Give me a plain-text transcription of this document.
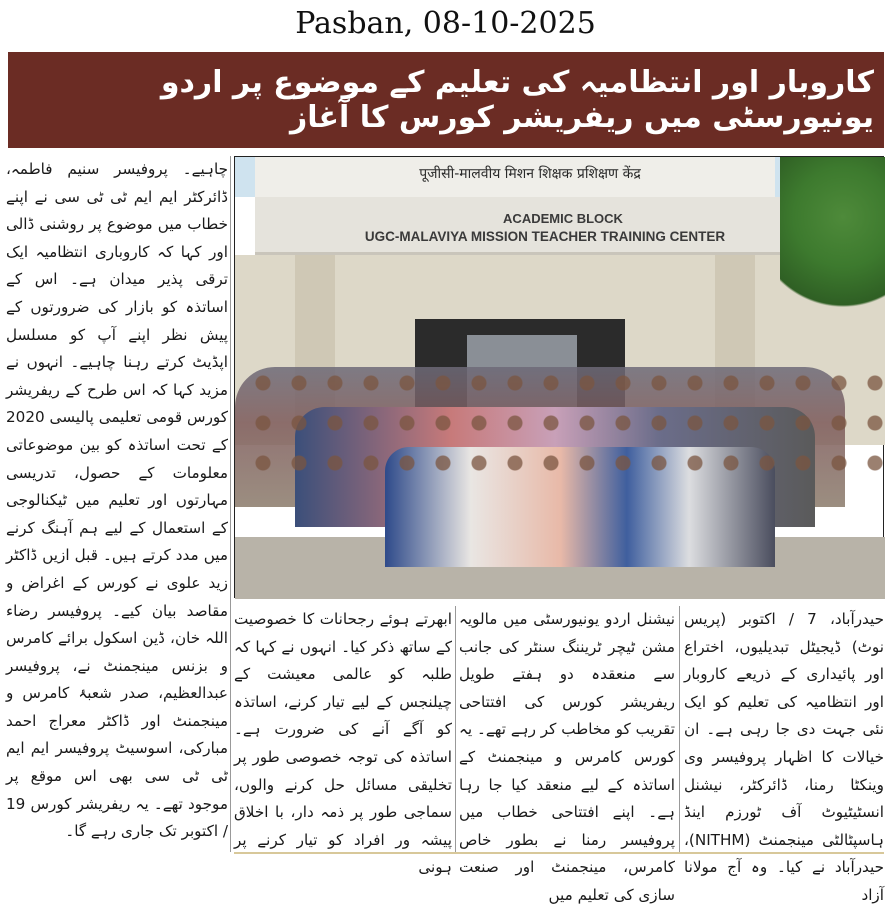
Pasban, 08-10-2025
کاروبار اور انتظامیہ کی تعلیم کے موضوع پر اردو یونیورسٹی میں ریفریشر کورس کا آغاز
چاہیے۔ پروفیسر سنیم فاطمہ، ڈائرکٹر ایم ایم ٹی ٹی سی نے اپنے خطاب میں موضوع پر روشنی ڈالی اور کہا کہ کاروباری انتظامیہ ایک ترقی پذیر میدان ہے۔ اس کے اساتذہ کو بازار کی ضرورتوں کے پیش نظر اپنے آپ کو مسلسل اپڈیٹ کرتے رہنا چاہیے۔ انہوں نے مزید کہا کہ اس طرح کے ریفریشر کورس قومی تعلیمی پالیسی 2020 کے تحت اساتذہ کو بین موضوعاتی معلومات کے حصول، تدریسی مہارتوں اور تعلیم میں ٹیکنالوجی کے استعمال کے لیے ہم آہنگ کرنے میں مدد کرتے ہیں۔ قبل ازیں ڈاکٹر زید علوی نے کورس کے اغراض و مقاصد بیان کیے۔ پروفیسر رضاء اللہ خان، ڈین اسکول برائے کامرس و بزنس مینجمنٹ نے، پروفیسر عبدالعظیم، صدر شعبۂ کامرس و مینجمنٹ اور ڈاکٹر معراج احمد مبارکی، اسوسیٹ پروفیسر ایم ایم ٹی ٹی سی بھی اس موقع پر موجود تھے۔ یہ ریفریشر کورس 19 / اکتوبر تک جاری رہے گا۔
पूजीसी-मालवीय मिशन शिक्षक प्रशिक्षण केंद्र
ACADEMIC BLOCK
UGC-MALAVIYA MISSION TEACHER TRAINING CENTER
حیدرآباد، 7 / اکتوبر (پریس نوٹ) ڈیجیٹل تبدیلیوں، اختراع اور پائیداری کے ذریعے کاروبار اور انتظامیہ کی تعلیم کو ایک نئی جہت دی جا رہی ہے۔ ان خیالات کا اظہار پروفیسر وی وینکٹا رمنا، ڈائرکٹر، نیشنل انسٹیٹیوٹ آف ٹورزم اینڈ ہاسپٹالٹی مینجمنٹ (NITHM)، حیدرآباد نے کیا۔ وہ آج مولانا آزاد
نیشنل اردو یونیورسٹی میں مالویہ مشن ٹیچر ٹریننگ سنٹر کی جانب سے منعقدہ دو ہفتے طویل ریفریشر کورس کی افتتاحی تقریب کو مخاطب کر رہے تھے۔ یہ کورس کامرس و مینجمنٹ کے اساتذہ کے لیے منعقد کیا جا رہا ہے۔ اپنے افتتاحی خطاب میں پروفیسر رمنا نے بطور خاص کامرس، مینجمنٹ اور صنعت سازی کی تعلیم میں
ابھرتے ہوئے رجحانات کا خصوصیت کے ساتھ ذکر کیا۔ انہوں نے کہا کہ طلبہ کو عالمی معیشت کے چیلنجس کے لیے تیار کرنے، اساتذہ کو آگے آنے کی ضرورت ہے۔ اساتذہ کی توجہ خصوصی طور پر تخلیقی مسائل حل کرنے والوں، سماجی طور پر ذمہ دار، با اخلاق پیشہ ور افراد کو تیار کرنے پر ہونی
